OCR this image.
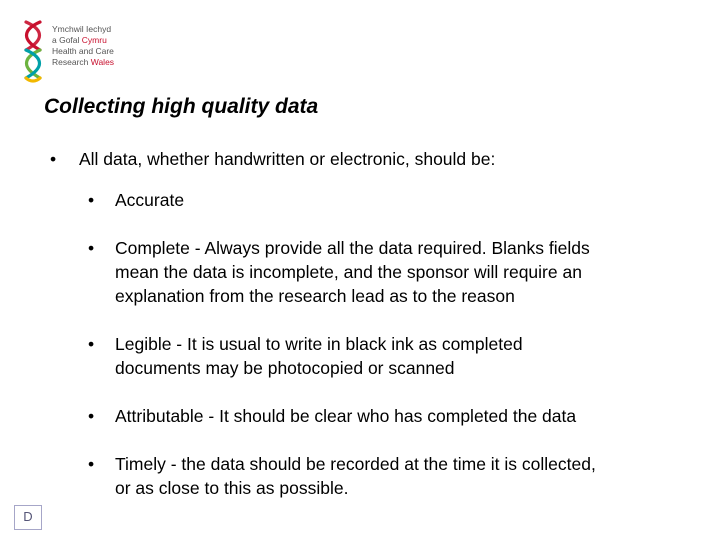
Ymchwil Iechyd
a Gofal Cymru
Health and Care
Research Wales
Collecting high quality data
• All data, whether handwritten or electronic, should be:
• Accurate
• Complete - Always provide all the data required. Blanks fields
mean the data is incomplete, and the sponsor will require an
explanation from the research lead as to the reason
• Legible - It is usual to write in black ink as completed
documents may be photocopied or scanned
• Attributable - It should be clear who has completed the data
• Timely - the data should be recorded at the time it is collected,
or as close to this as possible.
D
